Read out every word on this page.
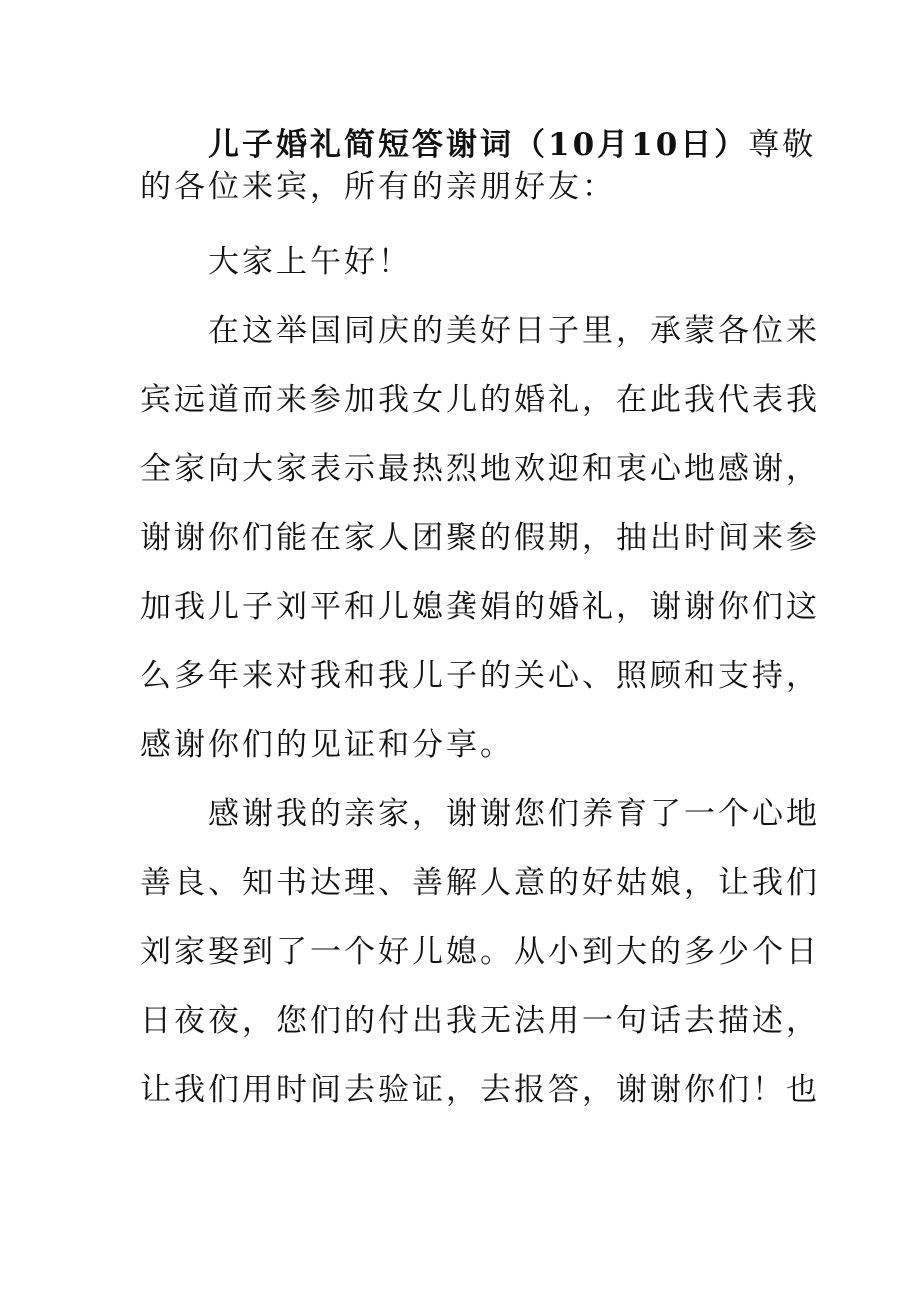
儿子婚礼简短答谢词（10月10日）尊敬
的各位来宾，所有的亲朋好友：
大家上午好！
在这举国同庆的美好日子里，承蒙各位来
宾远道而来参加我女儿的婚礼，在此我代表我
全家向大家表示最热烈地欢迎和衷心地感谢，
谢谢你们能在家人团聚的假期，抽出时间来参
加我儿子刘平和儿媳龚娟的婚礼，谢谢你们这
么多年来对我和我儿子的关心、照顾和支持，
感谢你们的见证和分享。
感谢我的亲家，谢谢您们养育了一个心地
善良、知书达理、善解人意的好姑娘，让我们
刘家娶到了一个好儿媳。从小到大的多少个日
日夜夜，您们的付出我无法用一句话去描述，
让我们用时间去验证，去报答，谢谢你们！也
